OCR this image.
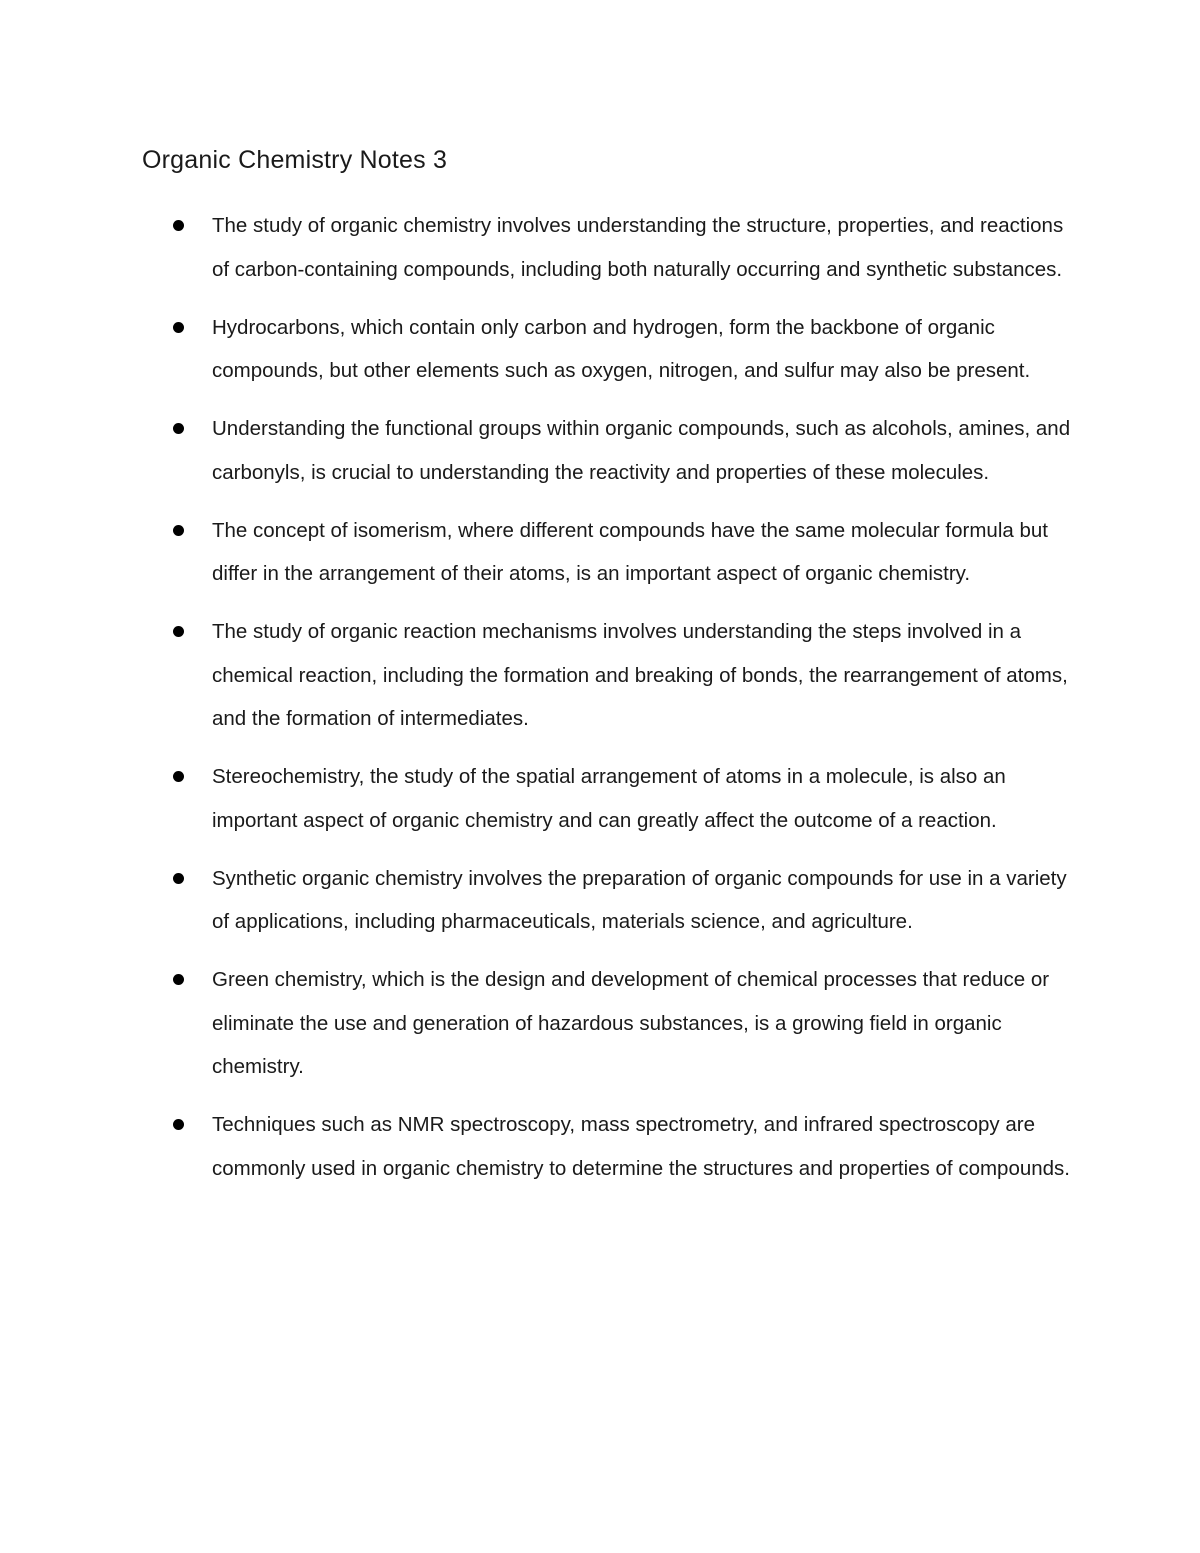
Organic Chemistry Notes 3
The study of organic chemistry involves understanding the structure, properties, and reactions of carbon-containing compounds, including both naturally occurring and synthetic substances.
Hydrocarbons, which contain only carbon and hydrogen, form the backbone of organic compounds, but other elements such as oxygen, nitrogen, and sulfur may also be present.
Understanding the functional groups within organic compounds, such as alcohols, amines, and carbonyls, is crucial to understanding the reactivity and properties of these molecules.
The concept of isomerism, where different compounds have the same molecular formula but differ in the arrangement of their atoms, is an important aspect of organic chemistry.
The study of organic reaction mechanisms involves understanding the steps involved in a chemical reaction, including the formation and breaking of bonds, the rearrangement of atoms, and the formation of intermediates.
Stereochemistry, the study of the spatial arrangement of atoms in a molecule, is also an important aspect of organic chemistry and can greatly affect the outcome of a reaction.
Synthetic organic chemistry involves the preparation of organic compounds for use in a variety of applications, including pharmaceuticals, materials science, and agriculture.
Green chemistry, which is the design and development of chemical processes that reduce or eliminate the use and generation of hazardous substances, is a growing field in organic chemistry.
Techniques such as NMR spectroscopy, mass spectrometry, and infrared spectroscopy are commonly used in organic chemistry to determine the structures and properties of compounds.
